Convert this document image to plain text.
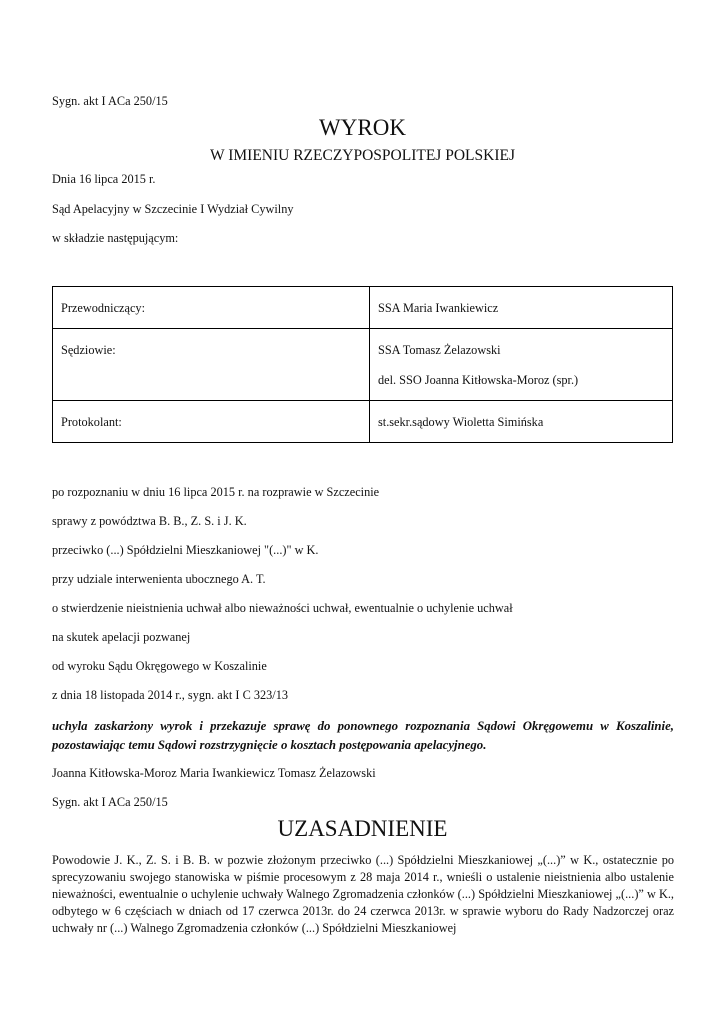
Sygn. akt I ACa 250/15
WYROK
W IMIENIU RZECZYPOSPOLITEJ POLSKIEJ
Dnia 16 lipca 2015 r.
Sąd Apelacyjny w Szczecinie I Wydział Cywilny
w składzie następującym:
Przewodniczący:	SSA Maria Iwankiewicz
Sędziowie:	SSA Tomasz Żelazowski
del. SSO Joanna Kitłowska-Moroz (spr.)

Protokolant:	st.sekr.sądowy Wioletta Simińska
po rozpoznaniu w dniu 16 lipca 2015 r. na rozprawie w Szczecinie
sprawy z powództwa B. B., Z. S. i J. K.
przeciwko (...) Spółdzielni Mieszkaniowej "(...)" w K.
przy udziale interwenienta ubocznego A. T.
o stwierdzenie nieistnienia uchwał albo nieważności uchwał, ewentualnie o uchylenie uchwał
na skutek apelacji pozwanej
od wyroku Sądu Okręgowego w Koszalinie
z dnia 18 listopada 2014 r., sygn. akt I C 323/13
uchyla zaskarżony wyrok i przekazuje sprawę do ponownego rozpoznania Sądowi Okręgowemu w Koszalinie, pozostawiając temu Sądowi rozstrzygnięcie o kosztach postępowania apelacyjnego.
Joanna Kitłowska-Moroz Maria Iwankiewicz Tomasz Żelazowski
Sygn. akt I ACa 250/15
UZASADNIENIE
Powodowie J. K., Z. S. i B. B. w pozwie złożonym przeciwko (...) Spółdzielni Mieszkaniowej „(...)” w K., ostatecznie po sprecyzowaniu swojego stanowiska w piśmie procesowym z 28 maja 2014 r., wnieśli o ustalenie nieistnienia albo ustalenie nieważności, ewentualnie o uchylenie uchwały Walnego Zgromadzenia członków (...) Spółdzielni Mieszkaniowej „(...)” w K., odbytego w 6 częściach w dniach od 17 czerwca 2013r. do 24 czerwca 2013r. w sprawie wyboru do Rady Nadzorczej oraz uchwały nr (...) Walnego Zgromadzenia członków (...) Spółdzielni Mieszkaniowej
